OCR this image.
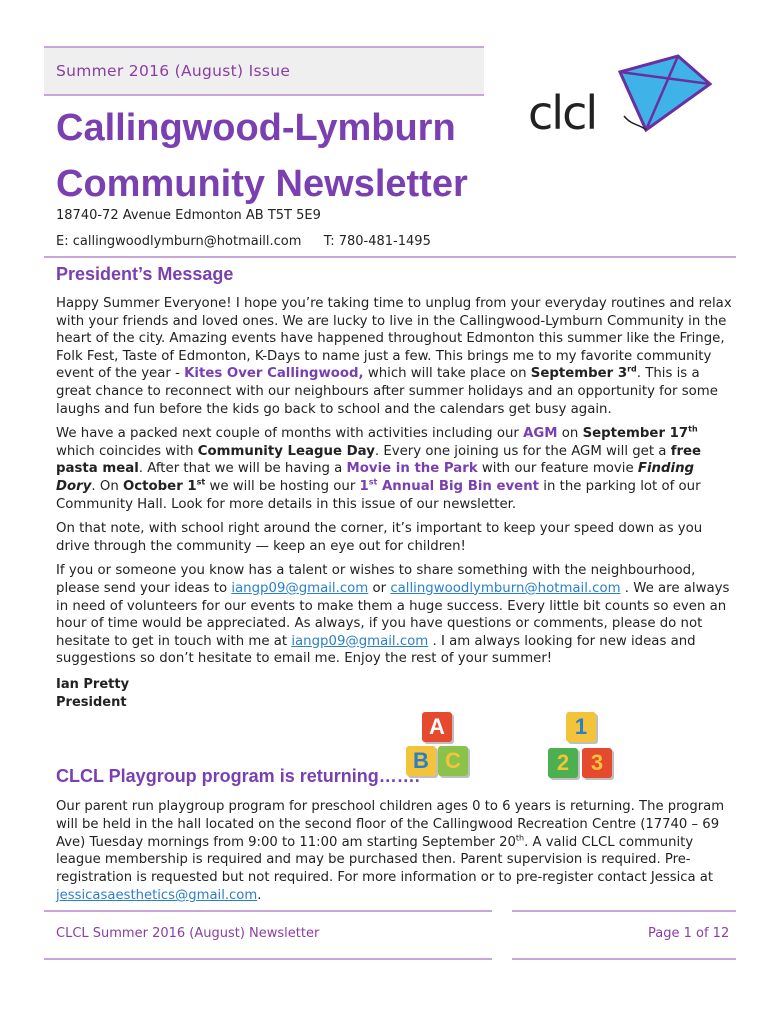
Summer 2016 (August) Issue
clcl
Callingwood-Lymburn
Community Newsletter
18740-72 Avenue Edmonton AB T5T 5E9
E: callingwoodlymburn@hotmaill.com T: 780-481-1495
President’s Message

Happy Summer Everyone! I hope you’re taking time to unplug from your everyday routines and relax with your friends and loved ones. We are lucky to live in the Callingwood-Lymburn Community in the heart of the city. Amazing events have happened throughout Edmonton this summer like the Fringe, Folk Fest, Taste of Edmonton, K-Days to name just a few. This brings me to my favorite community event of the year - Kites Over Callingwood, which will take place on September 3rd. This is a great chance to reconnect with our neighbours after summer holidays and an opportunity for some laughs and fun before the kids go back to school and the calendars get busy again.

We have a packed next couple of months with activities including our AGM on September 17th which coincides with Community League Day. Every one joining us for the AGM will get a free pasta meal. After that we will be having a Movie in the Park with our feature movie Finding Dory. On October 1st we will be hosting our 1st Annual Big Bin event in the parking lot of our Community Hall. Look for more details in this issue of our newsletter.

On that note, with school right around the corner, it’s important to keep your speed down as you drive through the community — keep an eye out for children!

If you or someone you know has a talent or wishes to share something with the neighbourhood, please send your ideas to iangp09@gmail.com or callingwoodlymburn@hotmail.com . We are always in need of volunteers for our events to make them a huge success. Every little bit counts so even an hour of time would be appreciated. As always, if you have questions or comments, please do not hesitate to get in touch with me at iangp09@gmail.com . I am always looking for new ideas and suggestions so don’t hesitate to email me. Enjoy the rest of your summer!

Ian Pretty
President
A
B C
1
2 3
CLCL Playgroup program is returning…….

Our parent run playgroup program for preschool children ages 0 to 6 years is returning. The program will be held in the hall located on the second floor of the Callingwood Recreation Centre (17740 – 69 Ave) Tuesday mornings from 9:00 to 11:00 am starting September 20th. A valid CLCL community league membership is required and may be purchased then. Parent supervision is required. Pre-registration is requested but not required. For more information or to pre-register contact Jessica at jessicasaesthetics@gmail.com.

CLCL Summer 2016 (August) Newsletter	Page 1 of 12
